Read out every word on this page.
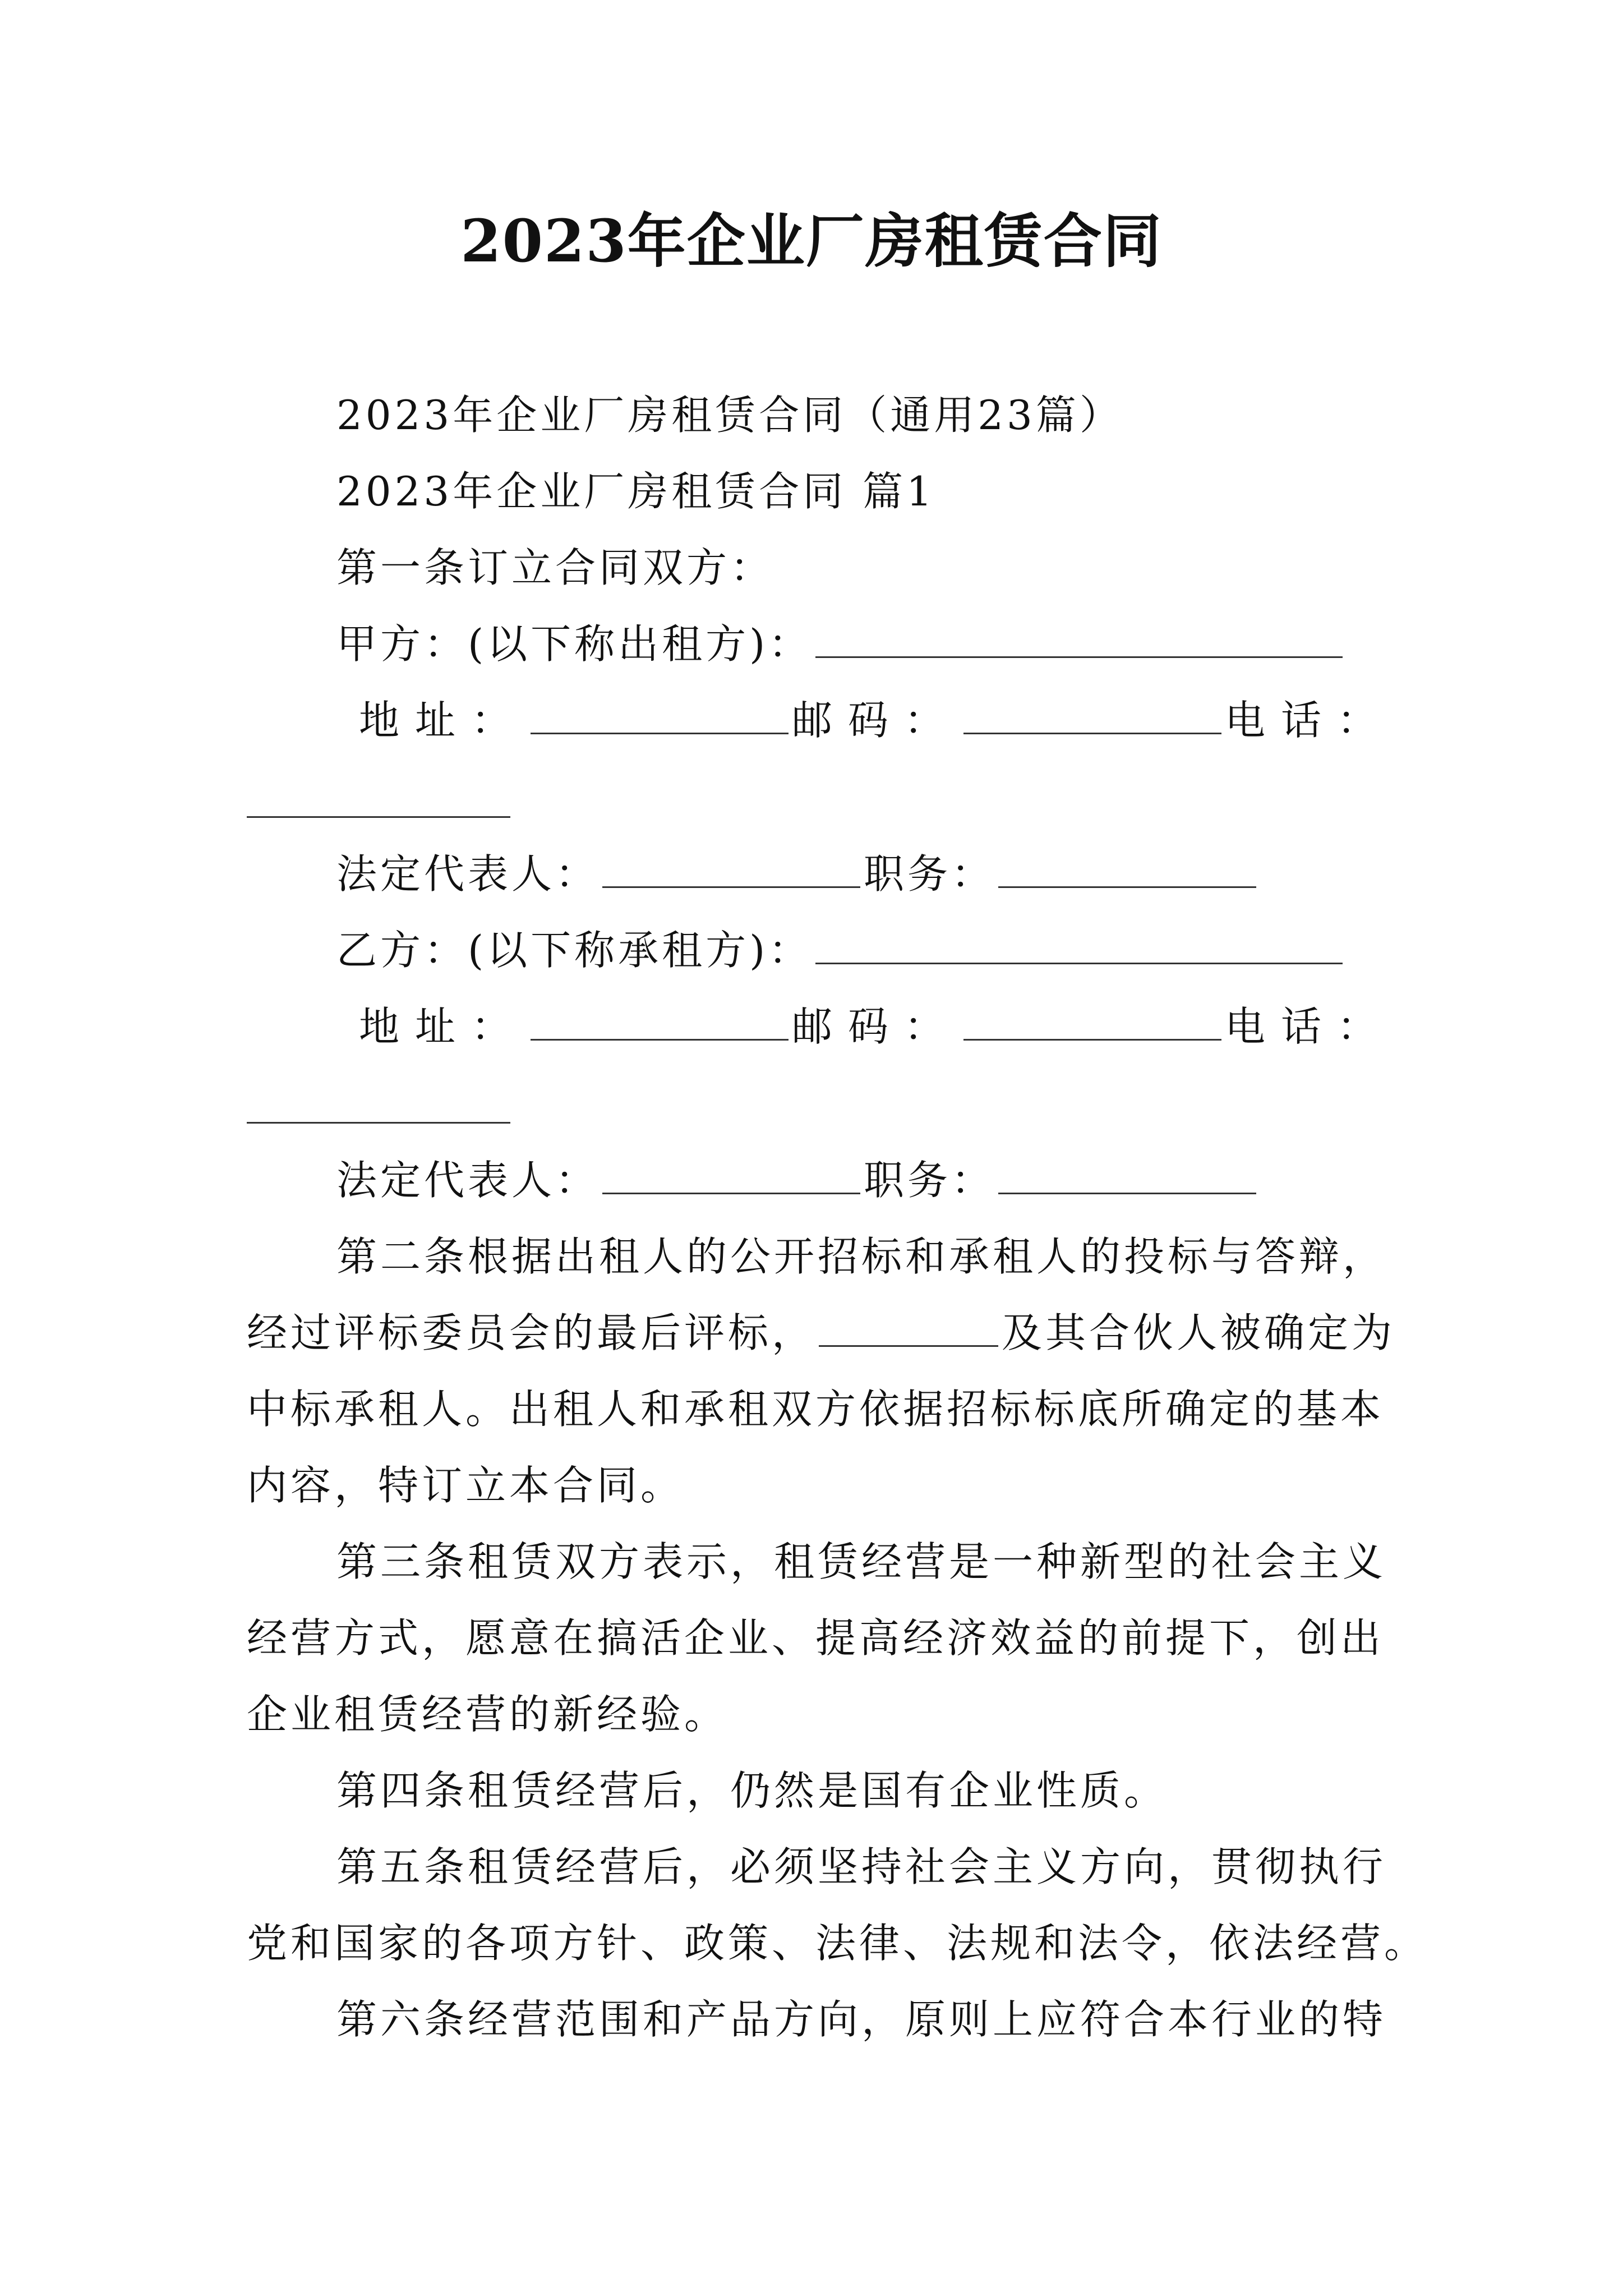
2023年企业厂房租赁合同
2023年企业厂房租赁合同（通用23篇）
2023年企业厂房租赁合同 篇1
第一条订立合同双方：
甲方：(以下称出租方)：
地址：	邮码：	电话：
法定代表人：	职务：
乙方：(以下称承租方)：
地址：	邮码：	电话：
法定代表人：	职务：
第二条根据出租人的公开招标和承租人的投标与答辩，
经过评标委员会的最后评标，	及其合伙人被确定为
中标承租人。出租人和承租双方依据招标标底所确定的基本
内容，特订立本合同。
第三条租赁双方表示，租赁经营是一种新型的社会主义
经营方式，愿意在搞活企业、提高经济效益的前提下，创出
企业租赁经营的新经验。
第四条租赁经营后，仍然是国有企业性质。
第五条租赁经营后，必须坚持社会主义方向，贯彻执行
党和国家的各项方针、政策、法律、法规和法令，依法经营。
第六条经营范围和产品方向，原则上应符合本行业的特
